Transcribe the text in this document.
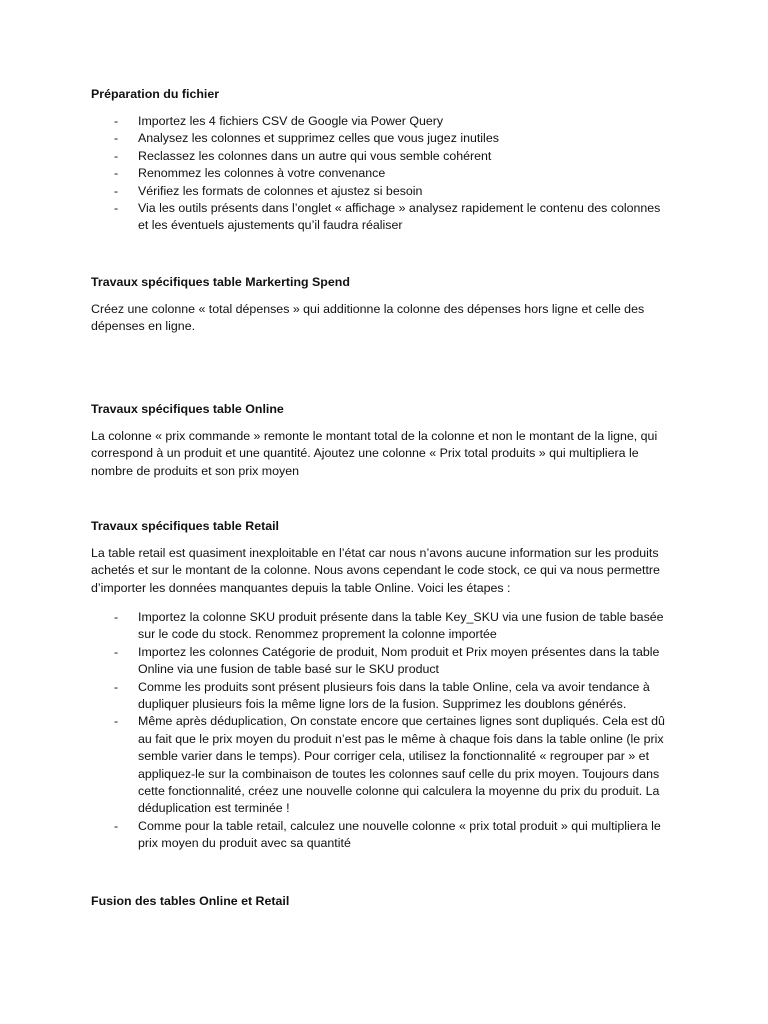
Préparation du fichier
- Importez les 4 fichiers CSV de Google via Power Query
- Analysez les colonnes et supprimez celles que vous jugez inutiles
- Reclassez les colonnes dans un autre qui vous semble cohérent
- Renommez les colonnes à votre convenance
- Vérifiez les formats de colonnes et ajustez si besoin
- Via les outils présents dans l’onglet « affichage » analysez rapidement le contenu des colonnes et les éventuels ajustements qu’il faudra réaliser
Travaux spécifiques table Markerting Spend

Créez une colonne « total dépenses » qui additionne la colonne des dépenses hors ligne et celle des dépenses en ligne.

Travaux spécifiques table Online

La colonne « prix commande » remonte le montant total de la colonne et non le montant de la ligne, qui correspond à un produit et une quantité. Ajoutez une colonne « Prix total produits » qui multipliera le nombre de produits et son prix moyen

Travaux spécifiques table Retail

La table retail est quasiment inexploitable en l’état car nous n’avons aucune information sur les produits achetés et sur le montant de la colonne. Nous avons cependant le code stock, ce qui va nous permettre d’importer les données manquantes depuis la table Online. Voici les étapes :

- Importez la colonne SKU produit présente dans la table Key_SKU via une fusion de table basée sur le code du stock. Renommez proprement la colonne importée
- Importez les colonnes Catégorie de produit, Nom produit et Prix moyen présentes dans la table Online via une fusion de table basé sur le SKU product
- Comme les produits sont présent plusieurs fois dans la table Online, cela va avoir tendance à dupliquer plusieurs fois la même ligne lors de la fusion. Supprimez les doublons générés.
- Même après déduplication, On constate encore que certaines lignes sont dupliqués. Cela est dû au fait que le prix moyen du produit n’est pas le même à chaque fois dans la table online (le prix semble varier dans le temps). Pour corriger cela, utilisez la fonctionnalité « regrouper par » et appliquez-le sur la combinaison de toutes les colonnes sauf celle du prix moyen. Toujours dans cette fonctionnalité, créez une nouvelle colonne qui calculera la moyenne du prix du produit. La déduplication est terminée !
- Comme pour la table retail, calculez une nouvelle colonne « prix total produit » qui multipliera le prix moyen du produit avec sa quantité
Fusion des tables Online et Retail
